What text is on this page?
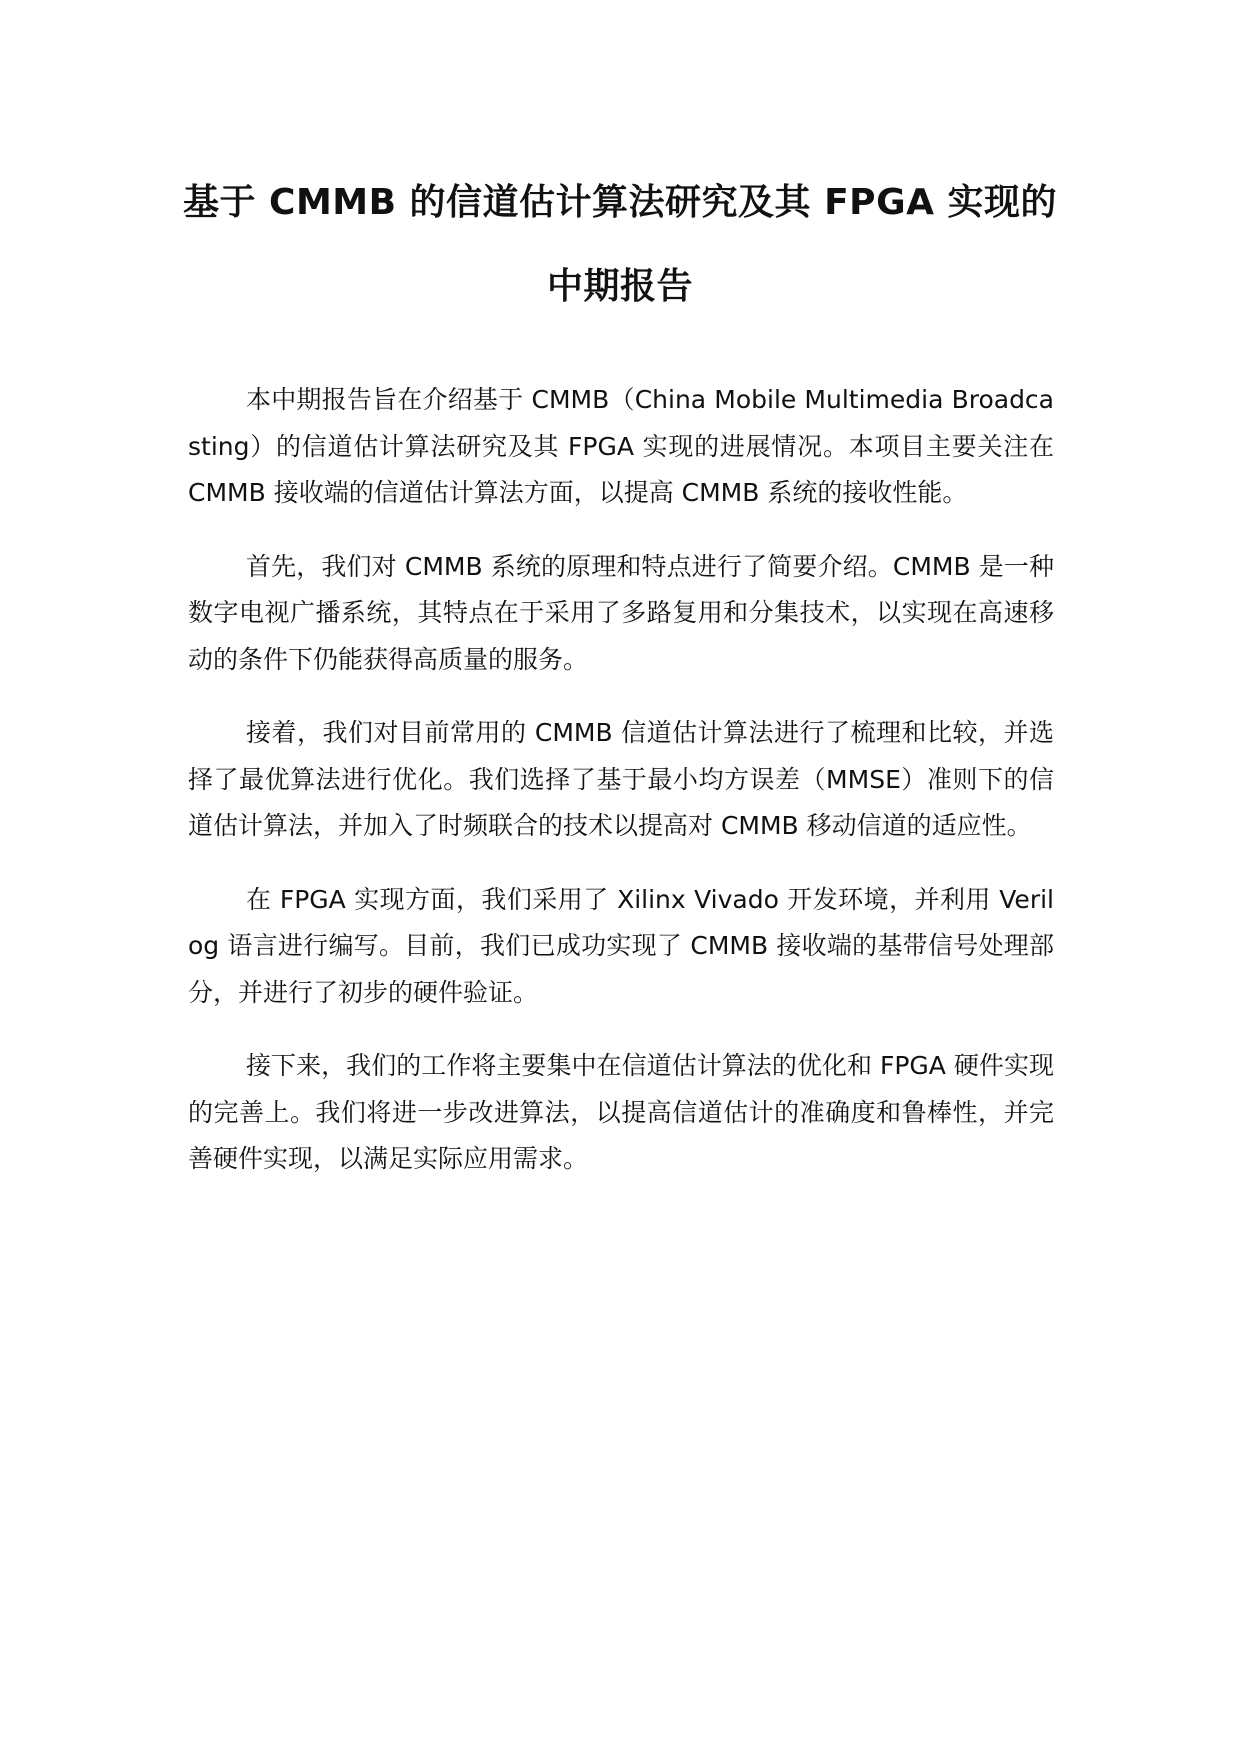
基于 CMMB 的信道估计算法研究及其 FPGA 实现的
中期报告

本中期报告旨在介绍基于 CMMB（China Mobile Multimedia Broadcasting）的信道估计算法研究及其 FPGA 实现的进展情况。本项目主要关注在 CMMB 接收端的信道估计算法方面，以提高 CMMB 系统的接收性能。

首先，我们对 CMMB 系统的原理和特点进行了简要介绍。CMMB 是一种数字电视广播系统，其特点在于采用了多路复用和分集技术，以实现在高速移动的条件下仍能获得高质量的服务。

接着，我们对目前常用的 CMMB 信道估计算法进行了梳理和比较，并选择了最优算法进行优化。我们选择了基于最小均方误差（MMSE）准则下的信道估计算法，并加入了时频联合的技术以提高对 CMMB 移动信道的适应性。

在 FPGA 实现方面，我们采用了 Xilinx Vivado 开发环境，并利用 Verilog 语言进行编写。目前，我们已成功实现了 CMMB 接收端的基带信号处理部分，并进行了初步的硬件验证。

接下来，我们的工作将主要集中在信道估计算法的优化和 FPGA 硬件实现的完善上。我们将进一步改进算法，以提高信道估计的准确度和鲁棒性，并完善硬件实现，以满足实际应用需求。
